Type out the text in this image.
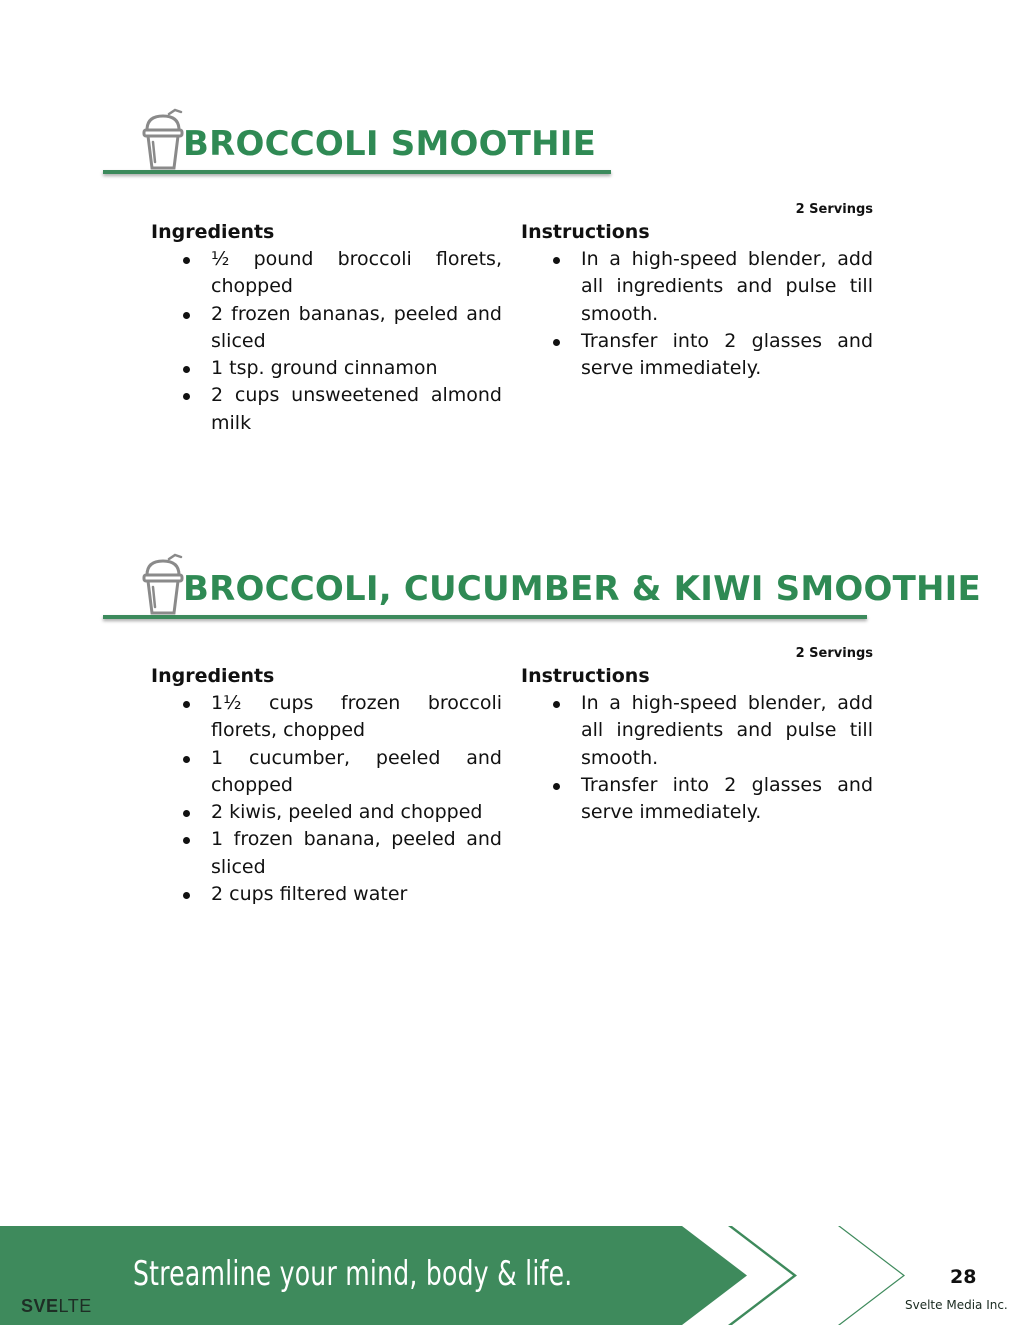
BROCCOLI SMOOTHIE
2 Servings
Ingredients
½ pound broccoli florets, chopped
2 frozen bananas, peeled and sliced
1 tsp. ground cinnamon
2 cups unsweetened almond milk
Instructions
In a high-speed blender, add all ingredients and pulse till smooth.
Transfer into 2 glasses and serve immediately.
BROCCOLI, CUCUMBER & KIWI SMOOTHIE
2 Servings
Ingredients
1½ cups frozen broccoli florets, chopped
1 cucumber, peeled and chopped
2 kiwis, peeled and chopped
1 frozen banana, peeled and sliced
2 cups filtered water
Instructions
In a high-speed blender, add all ingredients and pulse till smooth.
Transfer into 2 glasses and serve immediately.
Streamline your mind, body & life.
SVELTE
28
Svelte Media Inc.
